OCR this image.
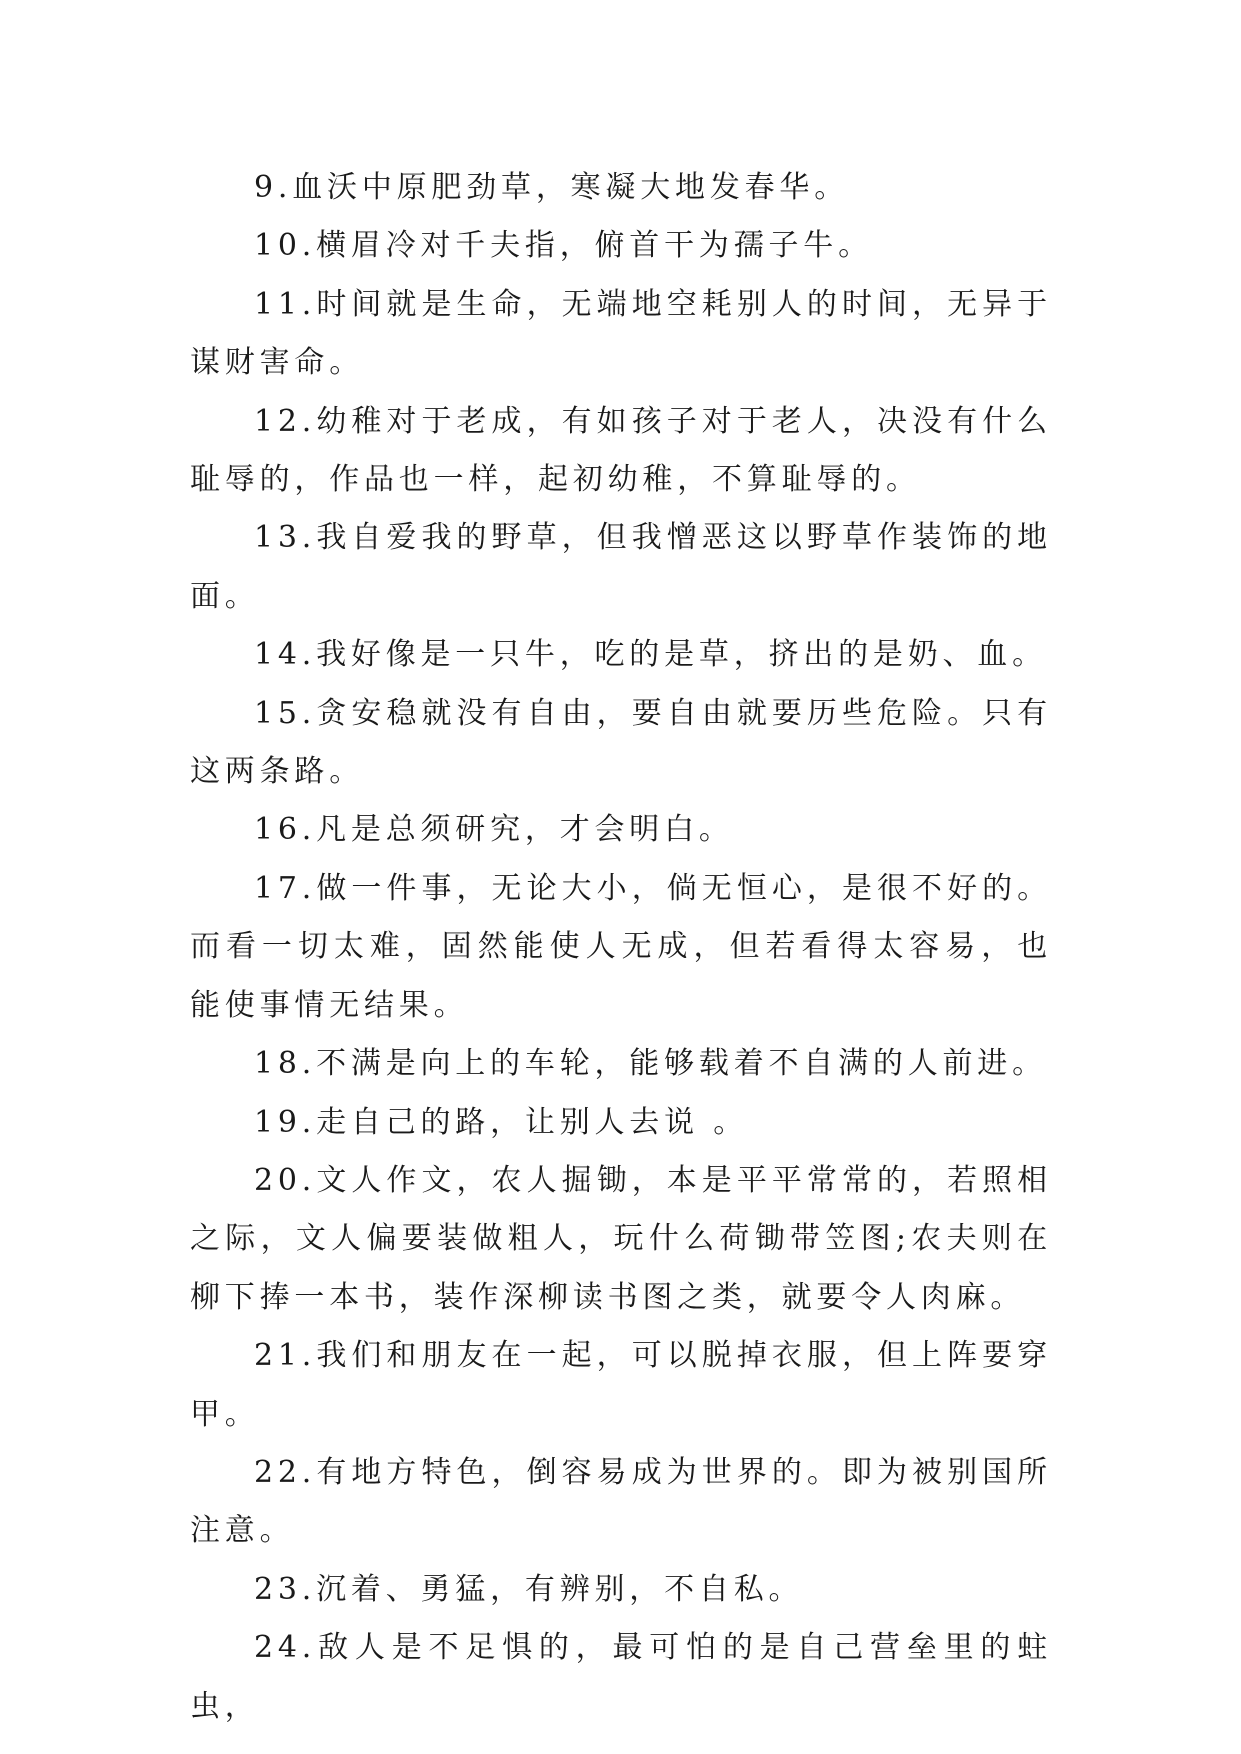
9.血沃中原肥劲草，寒凝大地发春华。

10.横眉冷对千夫指，俯首干为孺子牛。

11.时间就是生命，无端地空耗别人的时间，无异于谋财害命。

12.幼稚对于老成，有如孩子对于老人，决没有什么耻辱的，作品也一样，起初幼稚，不算耻辱的。

13.我自爱我的野草，但我憎恶这以野草作装饰的地面。

14.我好像是一只牛，吃的是草，挤出的是奶、血。

15.贪安稳就没有自由，要自由就要历些危险。只有这两条路。

16.凡是总须研究，才会明白。

17.做一件事，无论大小，倘无恒心，是很不好的。而看一切太难，固然能使人无成，但若看得太容易，也能使事情无结果。

18.不满是向上的车轮，能够载着不自满的人前进。

19.走自己的路，让别人去说 。

20.文人作文，农人掘锄，本是平平常常的，若照相之际，文人偏要装做粗人，玩什么荷锄带笠图;农夫则在柳下捧一本书，装作深柳读书图之类，就要令人肉麻。

21.我们和朋友在一起，可以脱掉衣服，但上阵要穿甲。

22.有地方特色，倒容易成为世界的。即为被别国所注意。

23.沉着、勇猛，有辨别，不自私。

24.敌人是不足惧的，最可怕的是自己营垒里的蛀虫，
